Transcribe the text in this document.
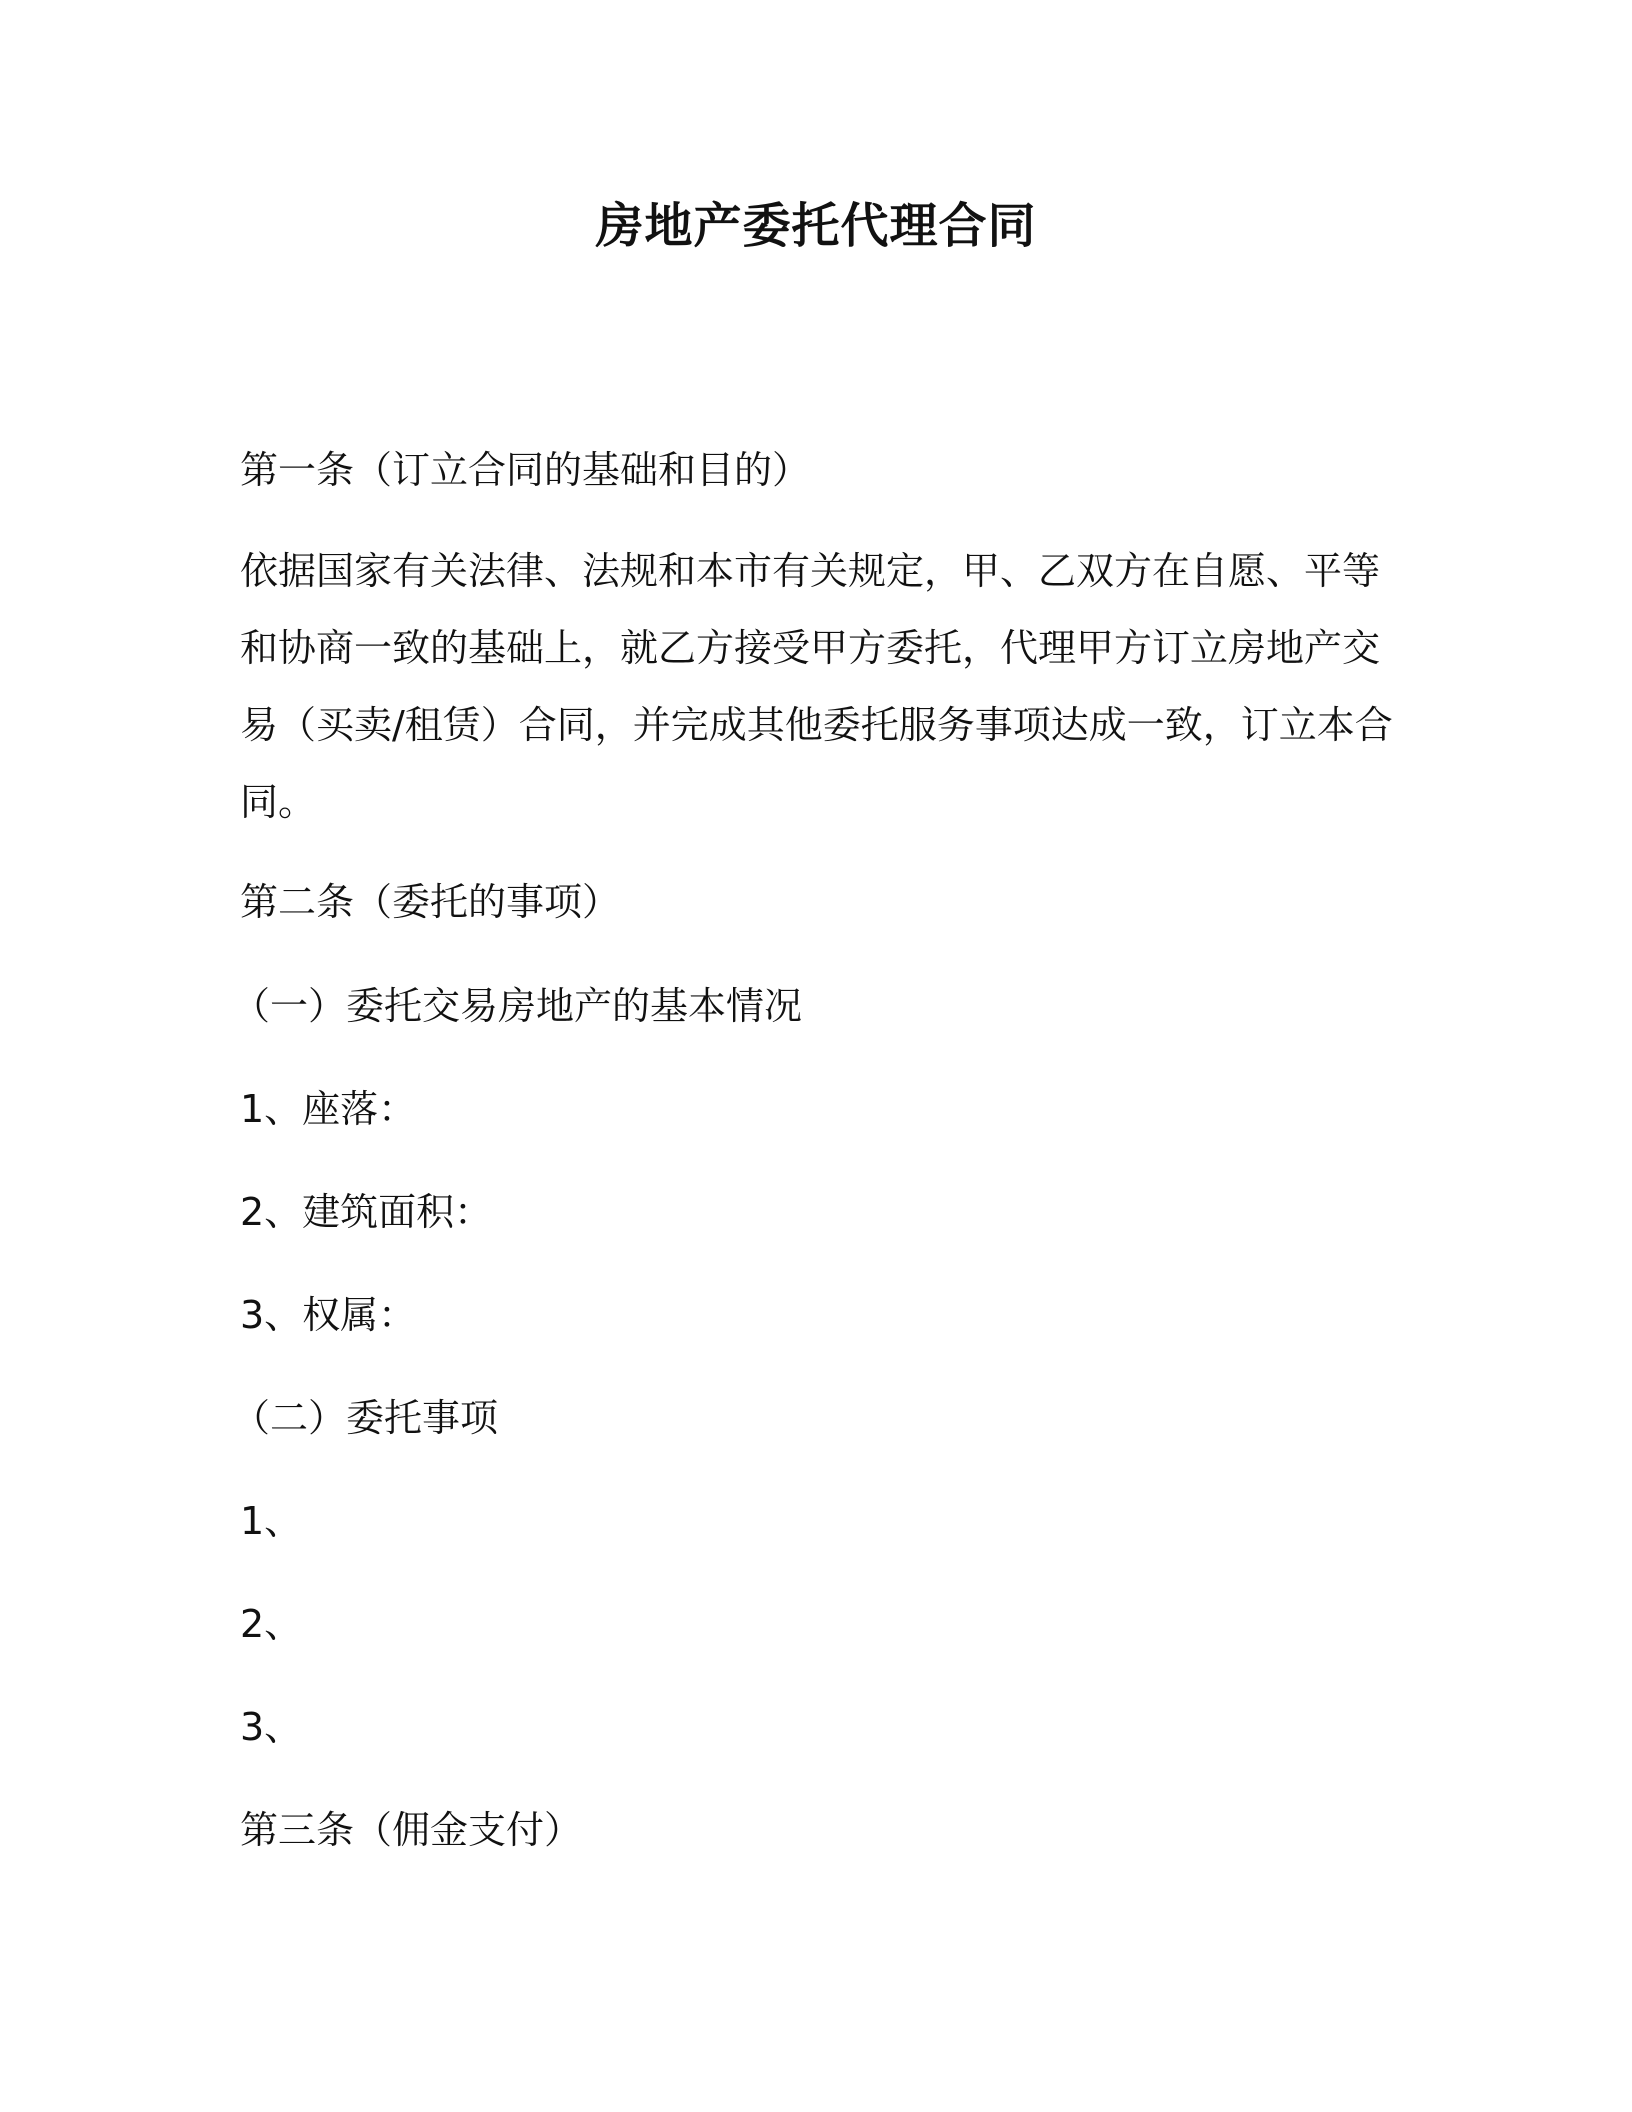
房地产委托代理合同
第一条（订立合同的基础和目的）
依据国家有关法律、法规和本市有关规定，甲、乙双方在自愿、平等
和协商一致的基础上，就乙方接受甲方委托，代理甲方订立房地产交
易（买卖/租赁）合同，并完成其他委托服务事项达成一致，订立本合
同。
第二条（委托的事项）
（一）委托交易房地产的基本情况
1、座落：
2、建筑面积：
3、权属：
（二）委托事项
1、
2、
3、
第三条（佣金支付）
